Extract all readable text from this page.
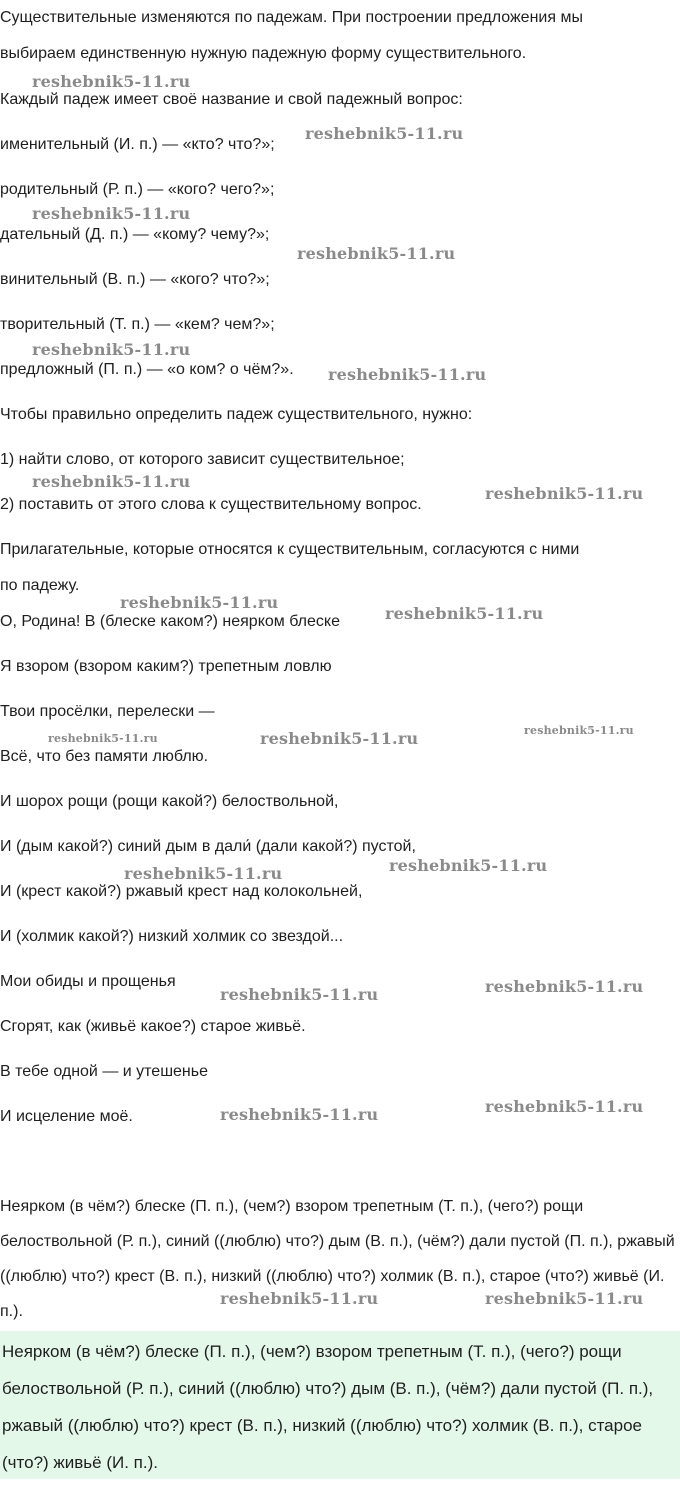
Существительные изменяются по падежам. При построении предложения мы

выбираем единственную нужную падежную форму существительного.

Каждый падеж имеет своё название и свой падежный вопрос:

именительный (И. п.) — «кто? что?»;

родительный (Р. п.) — «кого? чего?»;

дательный (Д. п.) — «кому? чему?»;

винительный (В. п.) — «кого? что?»;

творительный (Т. п.) — «кем? чем?»;

предложный (П. п.) — «о ком? о чём?».

Чтобы правильно определить падеж существительного, нужно:

1) найти слово, от которого зависит существительное;

2) поставить от этого слова к существительному вопрос.

Прилагательные, которые относятся к существительным, согласуются с ними

по падежу.

О, Родина! В (блеске каком?) неярком блеске

Я взором (взором каким?) трепетным ловлю

Твои просёлки, перелески —

Всё, что без памяти люблю.

И шорох рощи (рощи какой?) белоствольной,

И (дым какой?) синий дым в дали́ (дали какой?) пустой,

И (крест какой?) ржавый крест над колокольней,

И (холмик какой?) низкий холмик со звездой...

Мои обиды и прощенья

Сгорят, как (живьё какое?) старое живьё.

В тебе одной — и утешенье

И исцеление моё.

Неярком (в чём?) блеске (П. п.), (чем?) взором трепетным (Т. п.), (чего?) рощи белоствольной (Р. п.), синий ((люблю) что?) дым (В. п.), (чём?) дали пустой (П. п.), ржавый ((люблю) что?) крест (В. п.), низкий ((люблю) что?) холмик (В. п.), старое (что?) живьё (И. п.).

Неярком (в чём?) блеске (П. п.), (чем?) взором трепетным (Т. п.), (чего?) рощи белоствольной (Р. п.), синий ((люблю) что?) дым (В. п.), (чём?) дали пустой (П. п.), ржавый ((люблю) что?) крест (В. п.), низкий ((люблю) что?) холмик (В. п.), старое (что?) живьё (И. п.).

reshebnik5-11.ru
reshebnik5-11.ru
reshebnik5-11.ru
reshebnik5-11.ru
reshebnik5-11.ru
reshebnik5-11.ru
reshebnik5-11.ru
reshebnik5-11.ru
reshebnik5-11.ru
reshebnik5-11.ru
reshebnik5-11.ru	reshebnik5-11.ru	reshebnik5-11.ru
reshebnik5-11.ru	reshebnik5-11.ru
reshebnik5-11.ru	reshebnik5-11.ru
reshebnik5-11.ru	reshebnik5-11.ru
reshebnik5-11.ru	reshebnik5-11.ru
